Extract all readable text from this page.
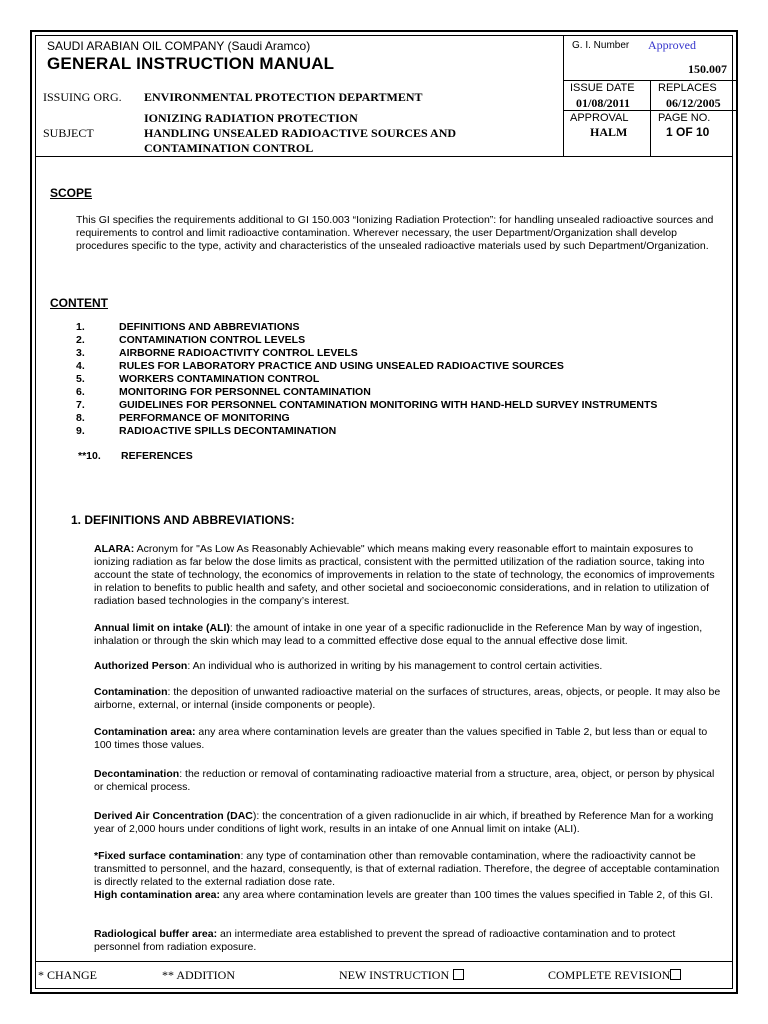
SAUDI ARABIAN OIL COMPANY (Saudi Aramco)
GENERAL INSTRUCTION MANUAL
ISSUING ORG. ENVIRONMENTAL PROTECTION DEPARTMENT
IONIZING RADIATION PROTECTION
SUBJECT	HANDLING UNSEALED RADIOACTIVE SOURCES AND
CONTAMINATION CONTROL
G. I. Number Approved
150.007
ISSUE DATE
01/08/2011
REPLACES
06/12/2005
APPROVAL
HALM
PAGE NO.
1 OF 10
SCOPE
This GI specifies the requirements additional to GI 150.003 “Ionizing Radiation Protection”: for handling unsealed radioactive sources and requirements to control and limit radioactive contamination. Wherever necessary, the user Department/Organization shall develop procedures specific to the type, activity and characteristics of the unsealed radioactive materials used by such Department/Organization.
CONTENT
1.	DEFINITIONS AND ABBREVIATIONS
2.	CONTAMINATION CONTROL LEVELS
3.	AIRBORNE RADIOACTIVITY CONTROL LEVELS
4.	RULES FOR LABORATORY PRACTICE AND USING UNSEALED RADIOACTIVE SOURCES
5.	WORKERS CONTAMINATION CONTROL
6.	MONITORING FOR PERSONNEL CONTAMINATION
7.	GUIDELINES FOR PERSONNEL CONTAMINATION MONITORING WITH HAND-HELD SURVEY INSTRUMENTS
8.	PERFORMANCE OF MONITORING
9.	RADIOACTIVE SPILLS DECONTAMINATION
**10. REFERENCES
1. DEFINITIONS AND ABBREVIATIONS:
ALARA: Acronym for "As Low As Reasonably Achievable" which means making every reasonable effort to maintain exposures to ionizing radiation as far below the dose limits as practical, consistent with the permitted utilization of the radiation source, taking into account the state of technology, the economics of improvements in relation to the state of technology, the economics of improvements in relation to benefits to public health and safety, and other societal and socioeconomic considerations, and in relation to utilization of radiation based technologies in the company’s interest.
Annual limit on intake (ALI): the amount of intake in one year of a specific radionuclide in the Reference Man by way of ingestion, inhalation or through the skin which may lead to a committed effective dose equal to the annual effective dose limit.
Authorized Person: An individual who is authorized in writing by his management to control certain activities.
Contamination: the deposition of unwanted radioactive material on the surfaces of structures, areas, objects, or people. It may also be airborne, external, or internal (inside components or people).
Contamination area: any area where contamination levels are greater than the values specified in Table 2, but less than or equal to 100 times those values.
Decontamination: the reduction or removal of contaminating radioactive material from a structure, area, object, or person by physical or chemical process.
Derived Air Concentration (DAC): the concentration of a given radionuclide in air which, if breathed by Reference Man for a working year of 2,000 hours under conditions of light work, results in an intake of one Annual limit on intake (ALI).
*Fixed surface contamination: any type of contamination other than removable contamination, where the radioactivity cannot be transmitted to personnel, and the hazard, consequently, is that of external radiation. Therefore, the degree of acceptable contamination is directly related to the external radiation dose rate.
High contamination area: any area where contamination levels are greater than 100 times the values specified in Table 2, of this GI.
Radiological buffer area: an intermediate area established to prevent the spread of radioactive contamination and to protect personnel from radiation exposure.
* CHANGE	** ADDITION	NEW INSTRUCTION	COMPLETE REVISION
